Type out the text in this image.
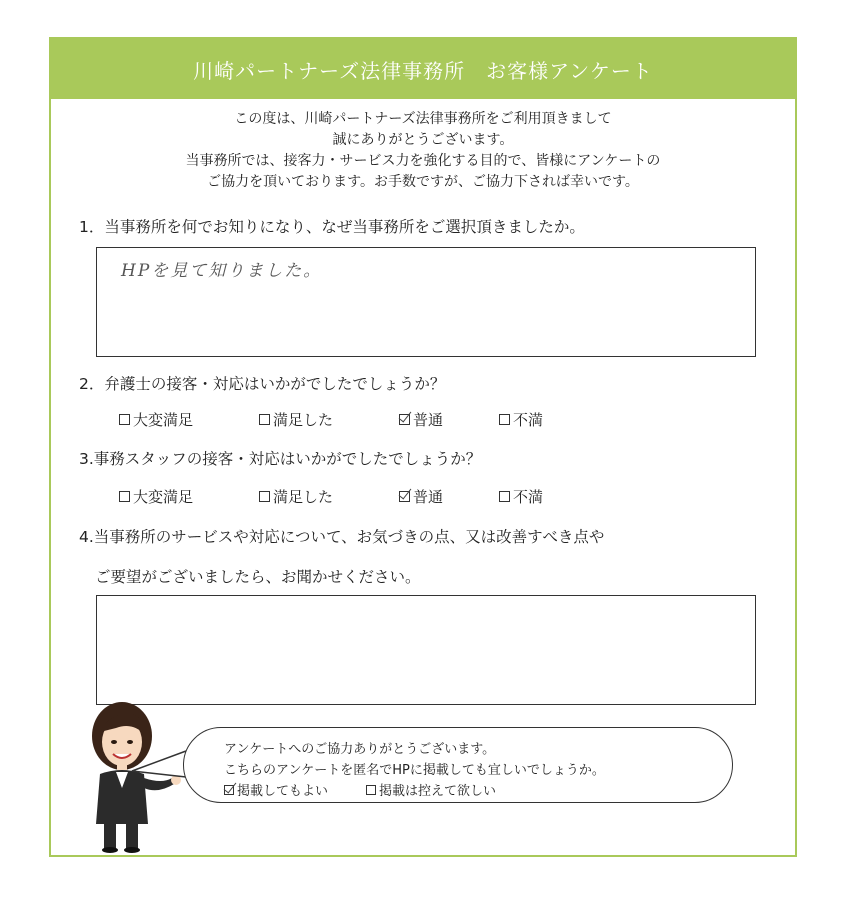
川崎パートナーズ法律事務所　お客様アンケート
この度は、川崎パートナーズ法律事務所をご利用頂きまして
誠にありがとうございます。
当事務所では、接客力・サービス力を強化する目的で、皆様にアンケートの
ご協力を頂いております。お手数ですが、ご協力下されば幸いです。
1．当事務所を何でお知りになり、なぜ当事務所をご選択頂きましたか。
HPを見て知りました。
2．弁護士の接客・対応はいかがでしたでしょうか？
大変満足	満足した	普通	不満
3.事務スタッフの接客・対応はいかがでしたでしょうか？
大変満足	満足した	普通	不満
4.当事務所のサービスや対応について、お気づきの点、又は改善すべき点や
ご要望がございましたら、お聞かせください。
アンケートへのご協力ありがとうございます。
こちらのアンケートを匿名でHPに掲載しても宜しいでしょうか。
掲載してもよい	掲載は控えて欲しい
